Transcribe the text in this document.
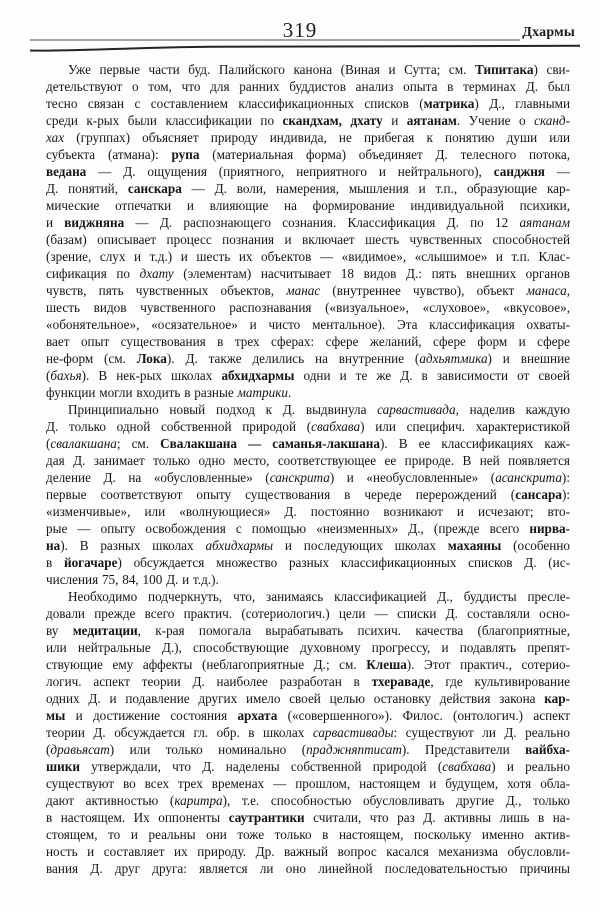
319	Дхармы
Уже первые части буд. Палийского канона (Виная и Сутта; см. Типитака) сви-
детельствуют о том, что для ранних буддистов анализ опыта в терминах Д. был
тесно связан с составлением классификационных списков (матрика) Д., главными
среди к-рых были классификации по скандхам, дхату и аятанам. Учение о сканд-
хах (группах) объясняет природу индивида, не прибегая к понятию души или
субъекта (атмана): рупа (материальная форма) объединяет Д. телесного потока,
ведана — Д. ощущения (приятного, неприятного и нейтрального), санджня —
Д. понятий, санскара — Д. воли, намерения, мышления и т.п., образующие кар-
мические отпечатки и влияющие на формирование индивидуальной психики,
и виджняна — Д. распознающего сознания. Классификация Д. по 12 аятанам
(базам) описывает процесс познания и включает шесть чувственных способностей
(зрение, слух и т.д.) и шесть их объектов — «видимое», «слышимое» и т.п. Клас-
сификация по дхату (элементам) насчитывает 18 видов Д.: пять внешних органов
чувств, пять чувственных объектов, манас (внутреннее чувство), объект манаса,
шесть видов чувственного распознавания («визуальное», «слуховое», «вкусовое»,
«обонятельное», «осязательное» и чисто ментальное). Эта классификация охваты-
вает опыт существования в трех сферах: сфере желаний, сфере форм и сфере
не-форм (см. Лока). Д. также делились на внутренние (адхьятмика) и внешние
(бахья). В нек-рых школах абхидхармы одни и те же Д. в зависимости от своей
функции могли входить в разные матрики.
Принципиально новый подход к Д. выдвинула сарвастивада, наделив каждую
Д. только одной собственной природой (свабхава) или специфич. характеристикой
(свалакшана; см. Свалакшана — саманья-лакшана). В ее классификациях каж-
дая Д. занимает только одно место, соответствующее ее природе. В ней появляется
деление Д. на «обусловленные» (санскрита) и «необусловленные» (асанскрита):
первые соответствуют опыту существования в череде перерождений (сансара):
«изменчивые», или «волнующиеся» Д. постоянно возникают и исчезают; вто-
рые — опыту освобождения с помощью «неизменных» Д., (прежде всего нирва-
на). В разных школах абхидхармы и последующих школах махаяны (особенно
в йогачаре) обсуждается множество разных классификационных списков Д. (ис-
числения 75, 84, 100 Д. и т.д.).
Необходимо подчеркнуть, что, занимаясь классификацией Д., буддисты пресле-
довали прежде всего практич. (сотериологич.) цели — списки Д. составляли осно-
ву медитации, к-рая помогала вырабатывать психич. качества (благоприятные,
или нейтральные Д.), способствующие духовному прогрессу, и подавлять препят-
ствующие ему аффекты (неблагоприятные Д.; см. Клеша). Этот практич., сотерио-
логич. аспект теории Д. наиболее разработан в тхераваде, где культивирование
одних Д. и подавление других имело своей целью остановку действия закона кар-
мы и достижение состояния архата («совершенного»). Филос. (онтологич.) аспект
теории Д. обсуждается гл. обр. в школах сарвастивады: существуют ли Д. реально
(дравьясат) или только номинально (праджняптисат). Представители вайбха-
шики утверждали, что Д. наделены собственной природой (свабхава) и реально
существуют во всех трех временах — прошлом, настоящем и будущем, хотя обла-
дают активностью (каритра), т.е. способностью обусловливать другие Д., только
в настоящем. Их оппоненты саутрантики считали, что раз Д. активны лишь в на-
стоящем, то и реальны они тоже только в настоящем, поскольку именно актив-
ность и составляет их природу. Др. важный вопрос касался механизма обусловли-
вания Д. друг друга: является ли оно линейной последовательностью причины
